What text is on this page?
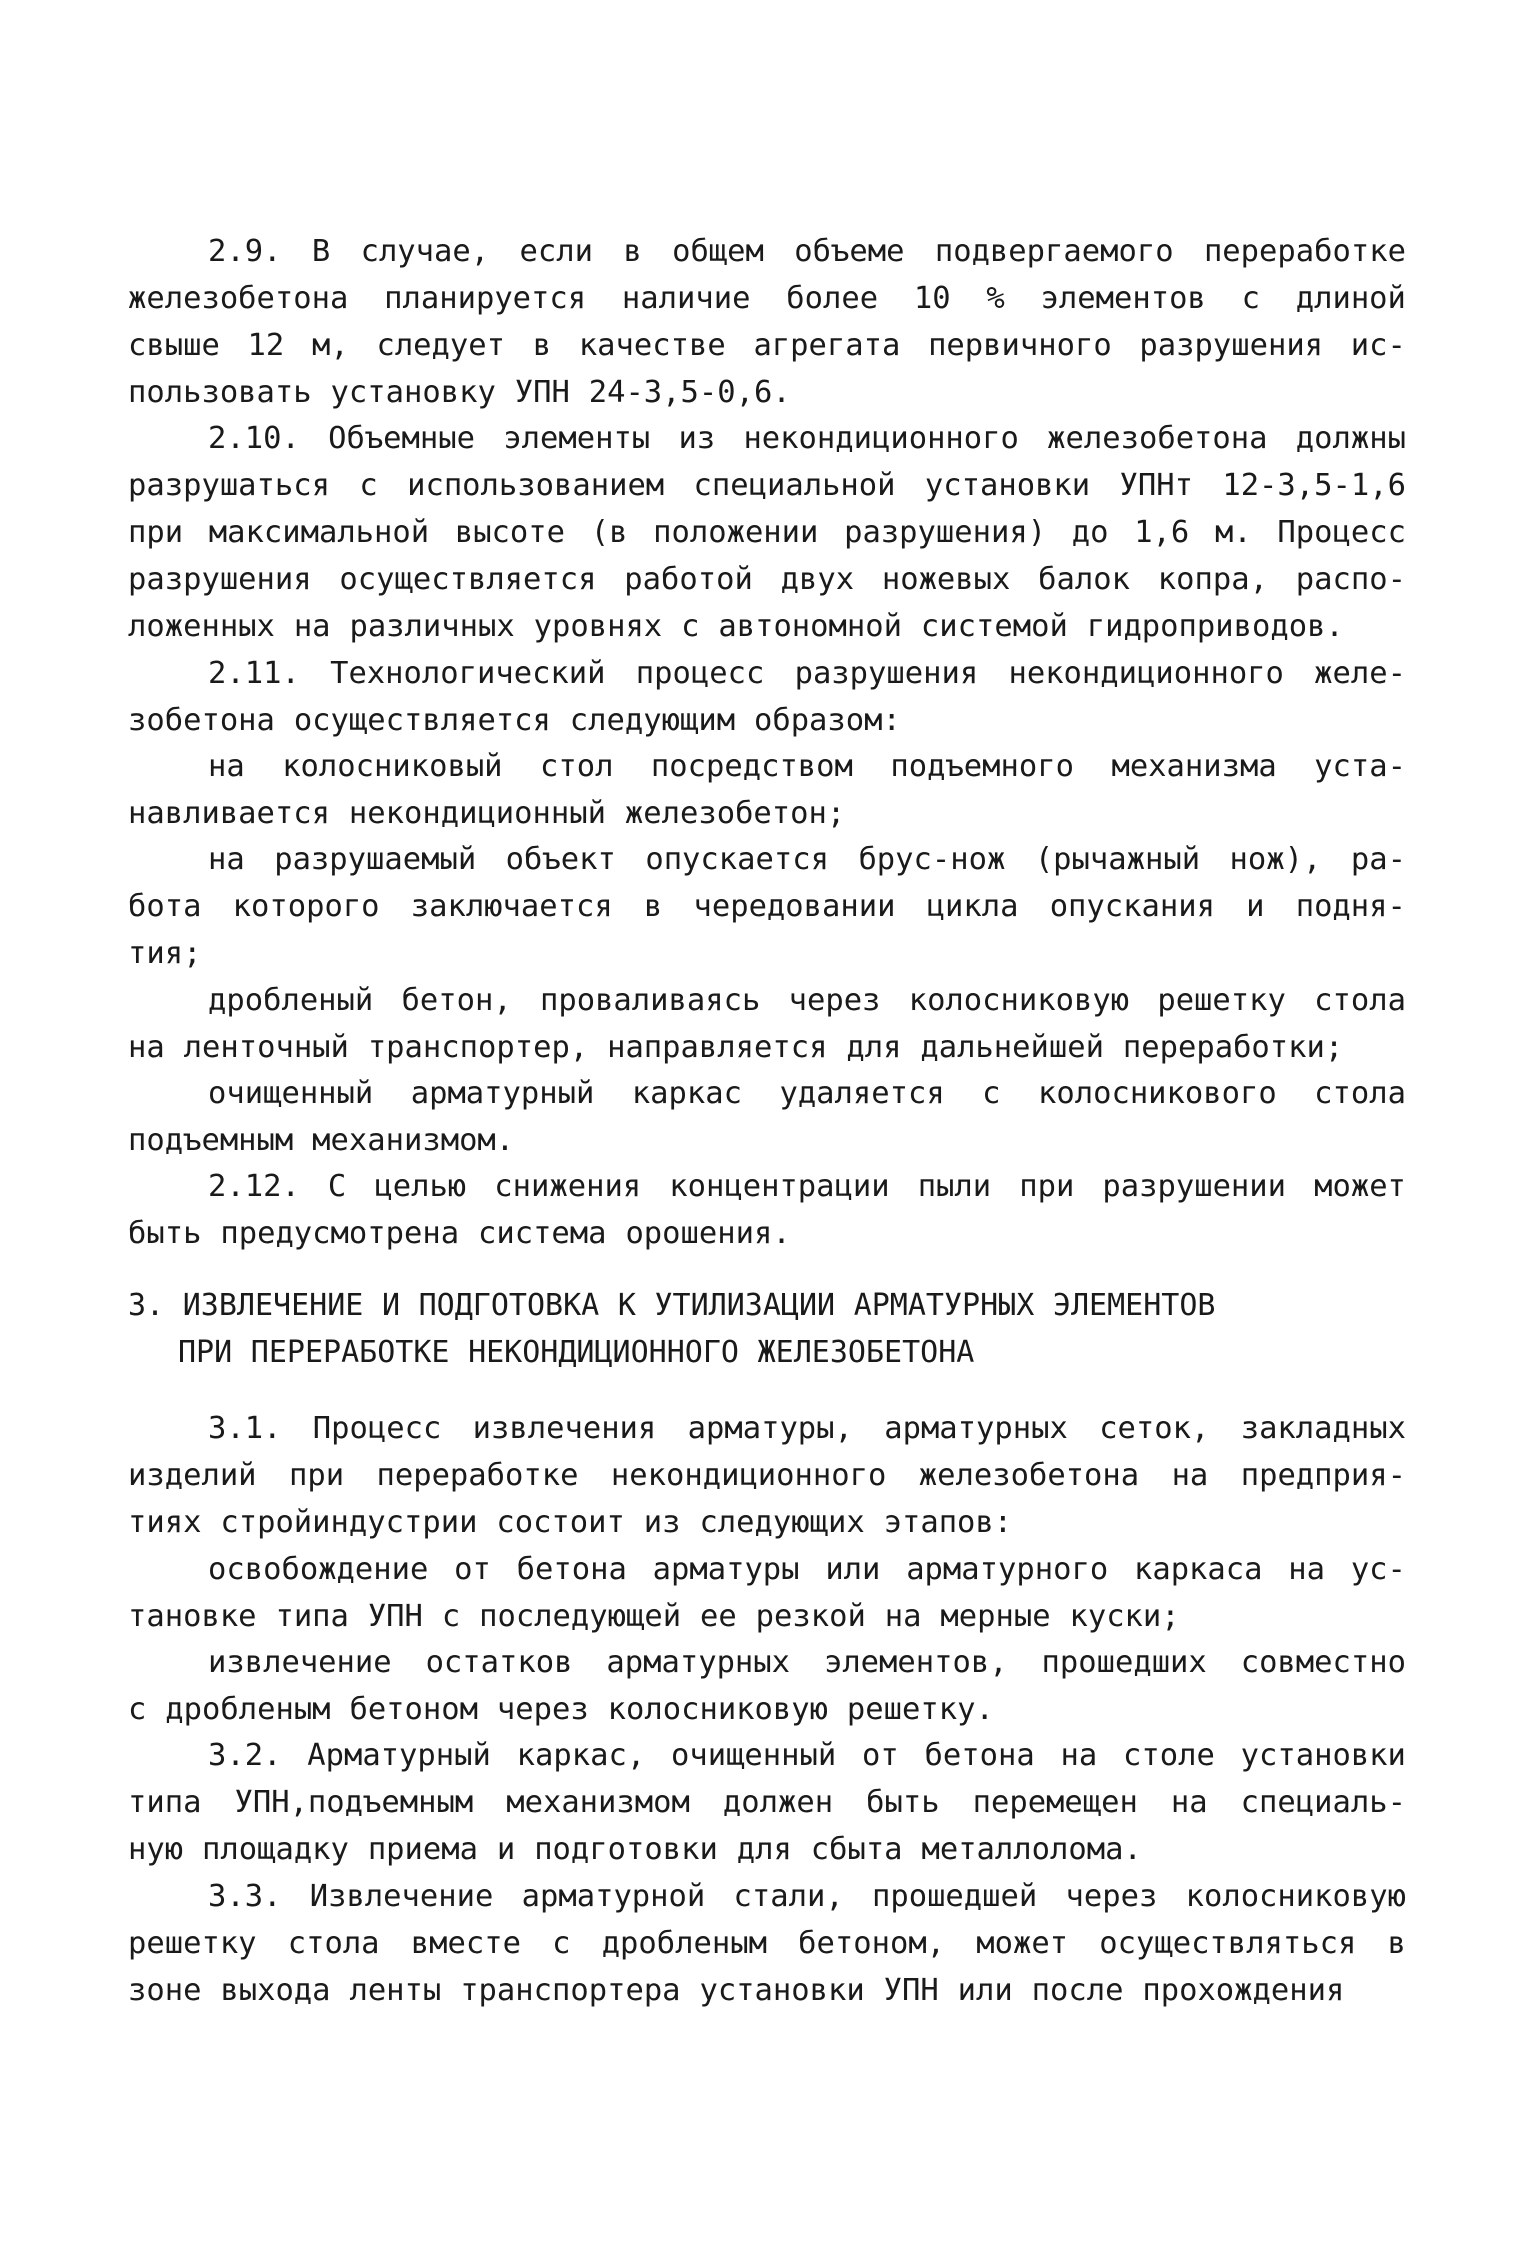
2.9. В случае, если в общем объеме подвергаемого переработке
железобетона планируется наличие более 10 % элементов с длиной
свыше 12 м, следует в качестве агрегата первичного разрушения ис-
пользовать установку УПН 24-3,5-0,6.
2.10. Объемные элементы из некондиционного железобетона должны
разрушаться с использованием специальной установки УПНт 12-3,5-1,6
при максимальной высоте (в положении разрушения) до 1,6 м. Процесс
разрушения осуществляется работой двух ножевых балок копра, распо-
ложенных на различных уровнях с автономной системой гидроприводов.
2.11. Технологический процесс разрушения некондиционного желе-
зобетона осуществляется следующим образом:
на колосниковый стол посредством подъемного механизма уста-
навливается некондиционный железобетон;
на разрушаемый объект опускается брус-нож (рычажный нож), ра-
бота которого заключается в чередовании цикла опускания и подня-
тия;
дробленый бетон, проваливаясь через колосниковую решетку стола
на ленточный транспортер, направляется для дальнейшей переработки;
очищенный арматурный каркас удаляется с колосникового стола
подъемным механизмом.
2.12. С целью снижения концентрации пыли при разрушении может
быть предусмотрена система орошения.
3. ИЗВЛЕЧЕНИЕ И ПОДГОТОВКА К УТИЛИЗАЦИИ АРМАТУРНЫХ ЭЛЕМЕНТОВ
ПРИ ПЕРЕРАБОТКЕ НЕКОНДИЦИОННОГО ЖЕЛЕЗОБЕТОНА
3.1. Процесс извлечения арматуры, арматурных сеток, закладных
изделий при переработке некондиционного железобетона на предприя-
тиях стройиндустрии состоит из следующих этапов:
освобождение от бетона арматуры или арматурного каркаса на ус-
тановке типа УПН с последующей ее резкой на мерные куски;
извлечение остатков арматурных элементов, прошедших совместно
с дробленым бетоном через колосниковую решетку.
3.2. Арматурный каркас, очищенный от бетона на столе установки
типа УПН,подъемным механизмом должен быть перемещен на специаль-
ную площадку приема и подготовки для сбыта металлолома.
3.3. Извлечение арматурной стали, прошедшей через колосниковую
решетку стола вместе с дробленым бетоном, может осуществляться в
зоне выхода ленты транспортера установки УПН или после прохождения
